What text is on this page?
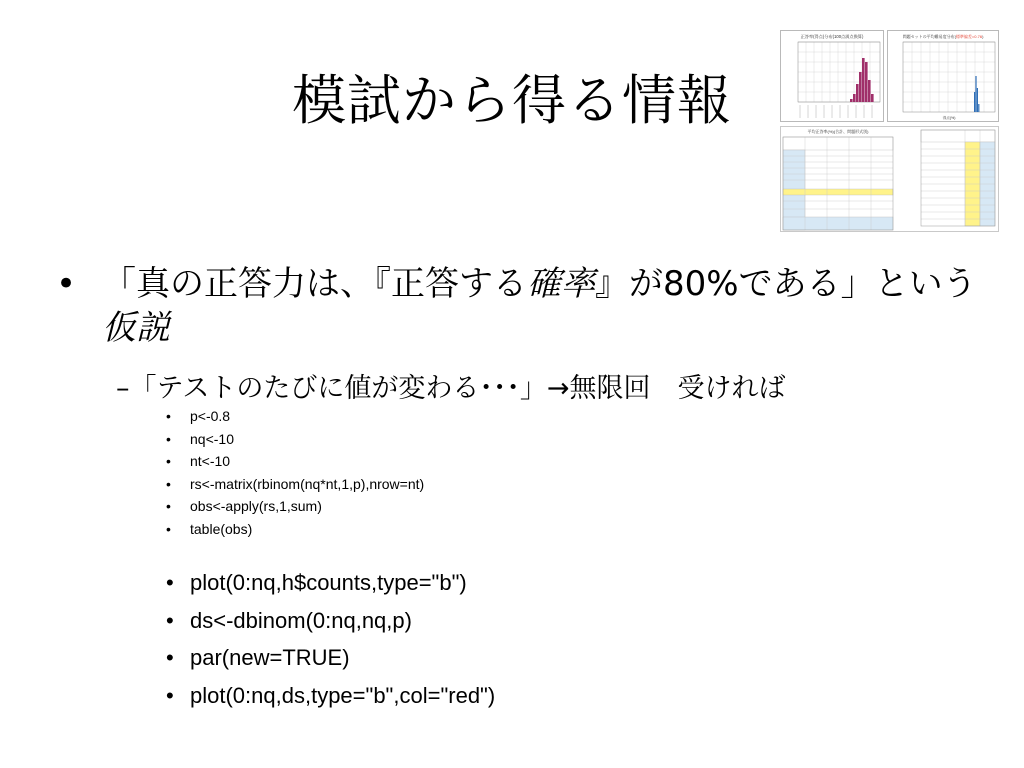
模試から得る情報
正答率(得点)分布(100点満点換算)	問題セットの平均難易度分布(標準偏差=0.76)
得点(%)
平均正答率(%)(合計、問題形式別)
• 「真の正答力は、『正答する確率』が80%である」という仮説
–「テストのたびに値が変わる･･･」→無限回　受ければ
• p<-0.8
• nq<-10
• nt<-10
• rs<-matrix(rbinom(nq*nt,1,p),nrow=nt)
• obs<-apply(rs,1,sum)
• table(obs)
• plot(0:nq,h$counts,type="b")
• ds<-dbinom(0:nq,nq,p)
• par(new=TRUE)
• plot(0:nq,ds,type="b",col="red")
